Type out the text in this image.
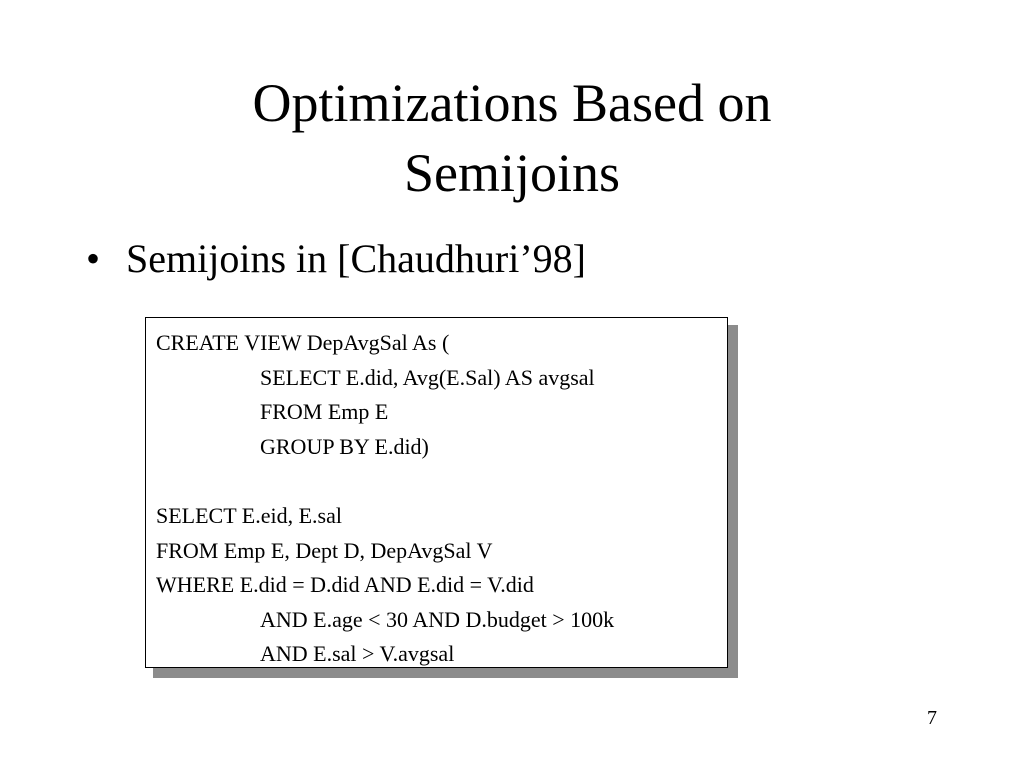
Optimizations Based on
Semijoins
• Semijoins in [Chaudhuri’98]
CREATE VIEW DepAvgSal As (
SELECT E.did, Avg(E.Sal) AS avgsal
FROM Emp E
GROUP BY E.did)
SELECT E.eid, E.sal
FROM Emp E, Dept D, DepAvgSal V
WHERE E.did = D.did AND E.did = V.did
AND E.age < 30 AND D.budget > 100k
AND E.sal > V.avgsal
7
